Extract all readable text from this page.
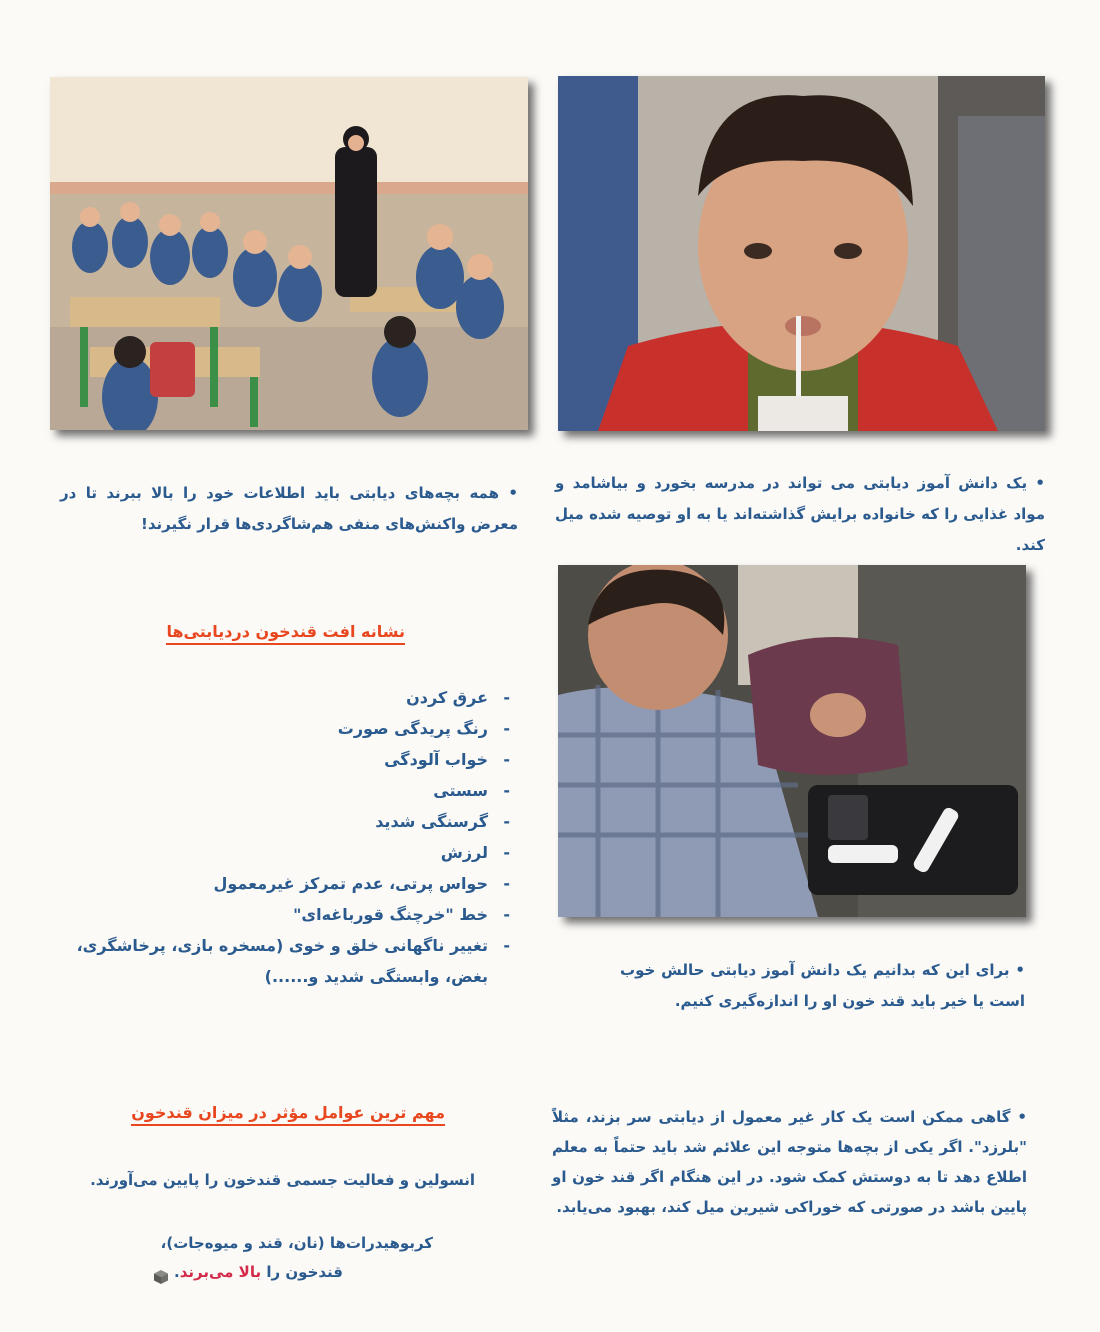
• یک دانش آموز دیابتی می تواند در مدرسه بخورد و بیاشامد و مواد غذایی را که خانواده برایش گذاشته‌اند یا به او توصیه شده میل کند.
• همه بچه‌های دیابتی باید اطلاعات خود را بالا ببرند تا در معرض واکنش‌های منفی هم‌شاگردی‌ها قرار نگیرند!
نشانه افت قندخون دردیابتی‌ها
- عرق کردن
- رنگ پریدگی صورت
- خواب آلودگی
- سستی
- گرسنگی شدید
- لرزش
- حواس پرتی، عدم تمرکز غیرمعمول
- خط "خرچنگ قورباغه‌ای"
- تغییر ناگهانی خلق و خوی (مسخره بازی، پرخاشگری، بغض، وابستگی شدید و......)	• برای این که بدانیم یک دانش آموز دیابتی حالش خوب است یا خیر باید قند خون او را اندازه‌گیری کنیم.
• گاهی ممکن است یک کار غیر معمول از دیابتی سر بزند، مثلاً "بلرزد". اگر یکی از بچه‌ها متوجه این علائم شد باید حتماً به معلم اطلاع دهد تا به دوستش کمک شود. در این هنگام اگر قند خون او پایین باشد در صورتی که خوراکی شیرین میل کند، بهبود می‌یابد.
مهم ترین عوامل مؤثر در میزان قندخون
انسولین و فعالیت جسمی قندخون را پایین می‌آورند.
کربوهیدرات‌ها (نان، قند و میوه‌جات)،
قندخون را بالا می‌برند.
